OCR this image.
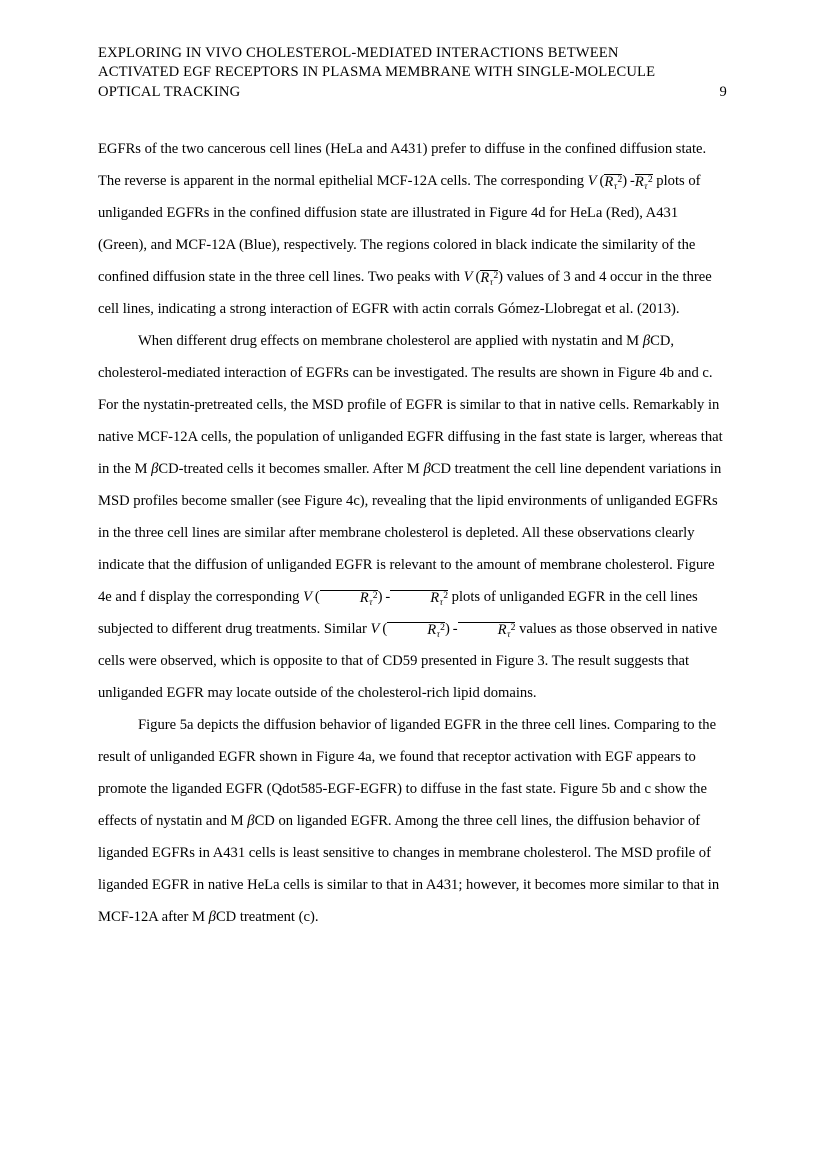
EXPLORING IN VIVO CHOLESTEROL-MEDIATED INTERACTIONS BETWEEN
ACTIVATED EGF RECEPTORS IN PLASMA MEMBRANE WITH SINGLE-MOLECULE
OPTICAL TRACKING	9

EGFRs of the two cancerous cell lines (HeLa and A431) prefer to diffuse in the confined diffusion state. The reverse is apparent in the normal epithelial MCF-12A cells. The corresponding V  $(R_\tau^2)$ $-R_\tau^2$ plots of unliganded EGFRs in the confined diffusion state are illustrated in Figure 4d for HeLa (Red), A431 (Green), and MCF-12A (Blue), respectively. The regions colored in black indicate the similarity of the confined diffusion state in the three cell lines. Two peaks with V  $(R_\tau^2)$ values of 3 and 4 occur in the three cell lines, indicating a strong interaction of EGFR with actin corrals Gómez-Llobregat et al. (2013).

When different drug effects on membrane cholesterol are applied with nystatin and M βCD, cholesterol-mediated interaction of EGFRs can be investigated. The results are shown in Figure 4b and c. For the nystatin-pretreated cells, the MSD profile of EGFR is similar to that in native cells. Remarkably in native MCF-12A cells, the population of unliganded EGFR diffusing in the fast state is larger, whereas that in the M βCD-treated cells it becomes smaller. After M βCD treatment the cell line dependent variations in MSD profiles become smaller (see Figure 4c), revealing that the lipid environments of unliganded EGFRs in the three cell lines are similar after membrane cholesterol is depleted. All these observations clearly indicate that the diffusion of unliganded EGFR is relevant to the amount of membrane cholesterol. Figure 4e and f display the corresponding V  (	$R_\tau^2$) -	$R_\tau^2$ plots of unliganded EGFR in the cell lines subjected to different drug treatments. Similar V  (	$R_\tau^2$) -	$R_\tau^2$ values as those observed in native cells were observed, which is opposite to that of CD59 presented in Figure 3. The result suggests that unliganded EGFR may locate outside of the cholesterol-rich lipid domains.

Figure 5a depicts the diffusion behavior of liganded EGFR in the three cell lines. Comparing to the result of unliganded EGFR shown in Figure 4a, we found that receptor activation with EGF appears to promote the liganded EGFR (Qdot585-EGF-EGFR) to diffuse in the fast state. Figure 5b and c show the effects of nystatin and M βCD on liganded EGFR. Among the three cell lines, the diffusion behavior of liganded EGFRs in A431 cells is least sensitive to changes in membrane cholesterol. The MSD profile of liganded EGFR in native HeLa cells is similar to that in A431; however, it becomes more similar to that in MCF-12A after M βCD treatment (c).
